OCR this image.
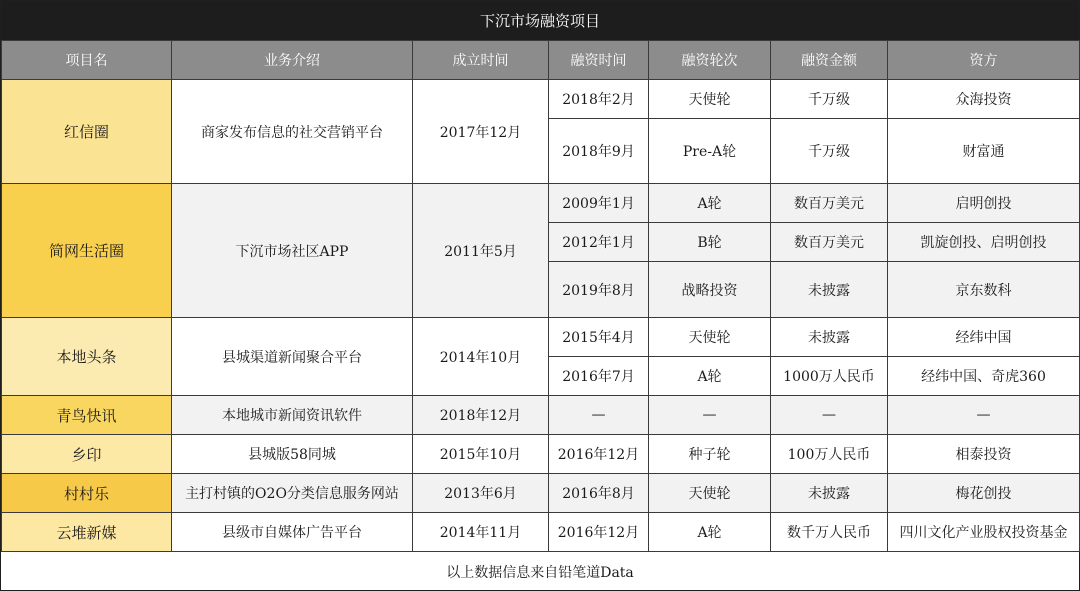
下沉市场融资项目
项目名	业务介绍	成立时间	融资时间	融资轮次	融资金额	资方
红信圈	商家发布信息的社交营销平台	2017年12月	2018年2月	天使轮	千万级	众海投资
			2018年9月	Pre-A轮	千万级	财富通
简网生活圈	下沉市场社区APP	2011年5月	2009年1月	A轮	数百万美元	启明创投
			2012年1月	B轮	数百万美元	凯旋创投、启明创投
			2019年8月	战略投资	未披露	京东数科
本地头条	县城渠道新闻聚合平台	2014年10月	2015年4月	天使轮	未披露	经纬中国
			2016年7月	A轮	1000万人民币	经纬中国、奇虎360
青鸟快讯	本地城市新闻资讯软件	2018年12月	—	—	—	—
乡印	县城版58同城	2015年10月	2016年12月	种子轮	100万人民币	相泰投资
村村乐	主打村镇的O2O分类信息服务网站	2013年6月	2016年8月	天使轮	未披露	梅花创投
云堆新媒	县级市自媒体广告平台	2014年11月	2016年12月	A轮	数千万人民币	四川文化产业股权投资基金
以上数据信息来自铅笔道Data
